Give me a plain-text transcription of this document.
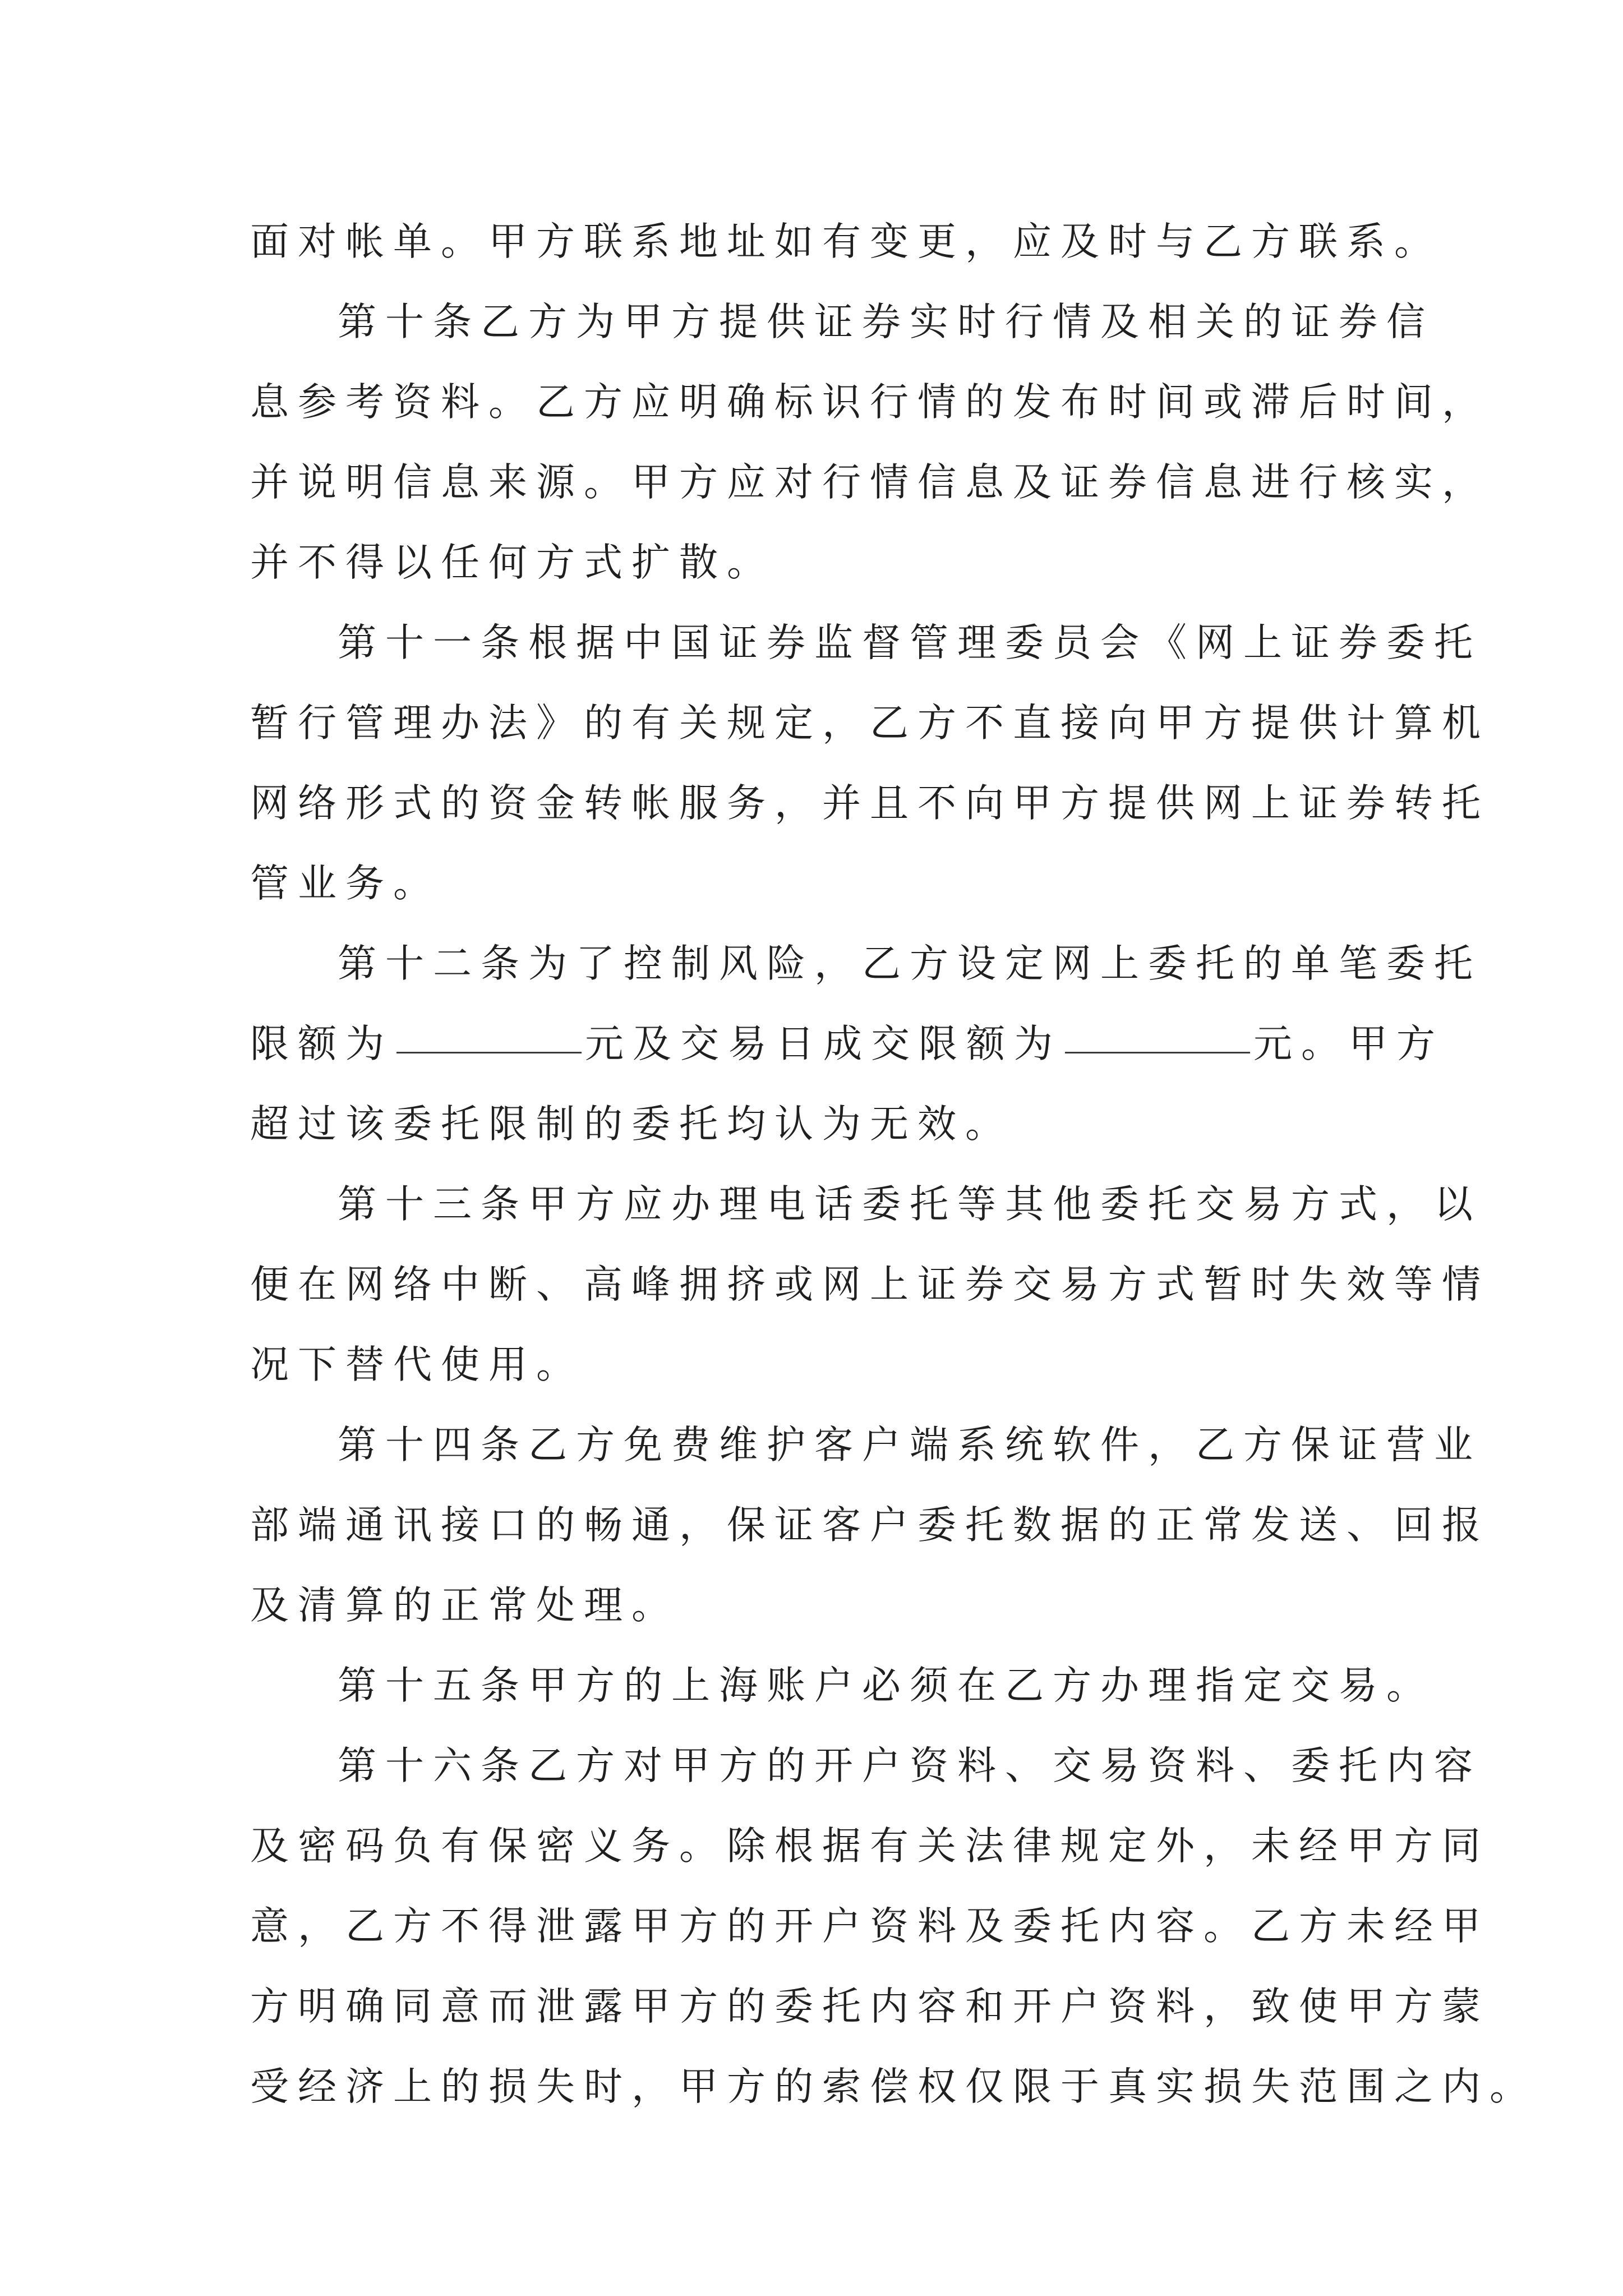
面对帐单。甲方联系地址如有变更，应及时与乙方联系。
第十条乙方为甲方提供证券实时行情及相关的证券信
息参考资料。乙方应明确标识行情的发布时间或滞后时间，
并说明信息来源。甲方应对行情信息及证券信息进行核实，
并不得以任何方式扩散。
第十一条根据中国证券监督管理委员会《网上证券委托
暂行管理办法》的有关规定，乙方不直接向甲方提供计算机
网络形式的资金转帐服务，并且不向甲方提供网上证券转托
管业务。
第十二条为了控制风险，乙方设定网上委托的单笔委托
限额为	元及交易日成交限额为	元。甲方
超过该委托限制的委托均认为无效。
第十三条甲方应办理电话委托等其他委托交易方式，以
便在网络中断、高峰拥挤或网上证券交易方式暂时失效等情
况下替代使用。
第十四条乙方免费维护客户端系统软件，乙方保证营业
部端通讯接口的畅通，保证客户委托数据的正常发送、回报
及清算的正常处理。
第十五条甲方的上海账户必须在乙方办理指定交易。
第十六条乙方对甲方的开户资料、交易资料、委托内容
及密码负有保密义务。除根据有关法律规定外，未经甲方同
意，乙方不得泄露甲方的开户资料及委托内容。乙方未经甲
方明确同意而泄露甲方的委托内容和开户资料，致使甲方蒙
受经济上的损失时，甲方的索偿权仅限于真实损失范围之内。
